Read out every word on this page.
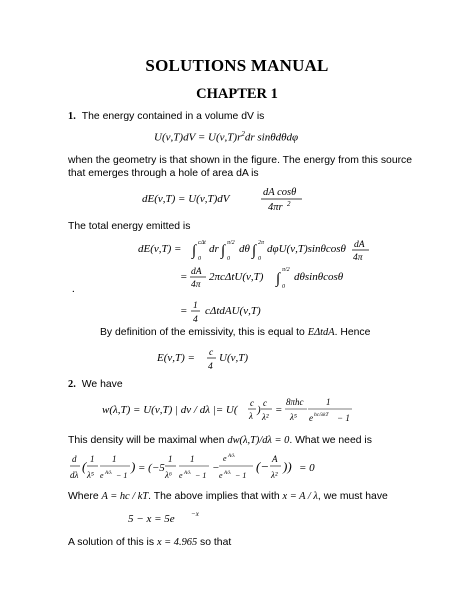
SOLUTIONS MANUAL
CHAPTER 1
1. The energy contained in a volume dV is
$U(\nu,T)dV = U(\nu,T)r^2dr$ sinθdθdφ
when the geometry is that shown in the figure. The energy from this source that emerges through a hole of area dA is
dE(ν,T) = U(ν,T)dV
dA cosθ
4πr 2
The total energy emitted is
dE(ν,T) = ∫ 0
cΔt dr ∫ 0
π/2 dθ ∫ 0
2π dφU(ν,T)sinθcosθ dA
4π
= dA
4π
2πcΔtU(ν,T) ∫ 0
π/2
dθsinθcosθ
= 1
4
cΔtdAU(ν,T)
.
By definition of the emissivity, this is equal to EΔtdA. Hence
E(ν,T) = c
4
U(ν,T)
2. We have
w(λ,T) = U(ν,T) | dν / dλ |= U(
c
λ )
c
λ²
=
8πhc
λ⁵
1
e hc/λkT − 1
This density will be maximal when dw(λ,T)/dλ = 0. What we need is
d
dλ
( 1
λ⁵
1
e A/λ − 1
) = (−5
1
λ⁶
1
e A/λ − 1
−
e A/λ
e A/λ − 1
(− A
λ²
)) = 0
Where A = hc / kT. The above implies that with x = A / λ, we must have
5 − x = 5e −x
A solution of this is x = 4.965 so that
